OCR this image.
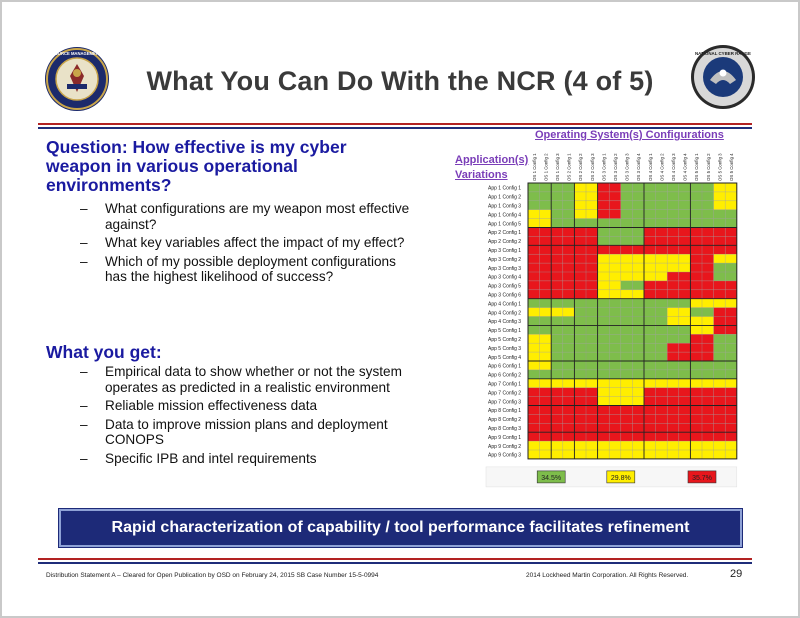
TEST RESOURCE MANAGEMENT CENTER
What You Can Do With the NCR (4 of 5)
NATIONAL CYBER RANGE
Question: How effective is my cyber weapon in various operational environments?
– What configurations are my weapon most effective against?
– What key variables affect the impact of my effect?
– Which of my possible deployment configurations has the highest likelihood of success?
What you get:
– Empirical data to show whether or not the system operates as predicted in a realistic environment
– Reliable mission effectiveness data
– Data to improve mission plans and deployment CONOPS
– Specific IPB and intel requirements
Operating System(s) Configurations
Application(s) Variations	OS 1 Config 1 OS 1 Config 2 OS 1 Config 3 OS 2 Config 1 OS 2 Config 2 OS 2 Config 3 OS 3 Config 1 OS 3 Config 2 OS 3 Config 3 OS 3 Config 4 OS 4 Config 1 OS 4 Config 2 OS 4 Config 3 OS 4 Config 4 OS 5 Config 1 OS 5 Config 2 OS 5 Config 3 OS 5 Config 4
App 1 Config 1
App 1 Config 2
App 1 Config 3
App 1 Config 4
App 1 Config 5
App 2 Config 1
App 2 Config 2
App 3 Config 1
App 3 Config 2
App 3 Config 3
App 3 Config 4
App 3 Config 5
App 3 Config 6
App 4 Config 1
App 4 Config 2
App 4 Config 3
App 5 Config 1
App 5 Config 2
App 5 Config 3
App 5 Config 4
App 6 Config 1
App 6 Config 2
App 7 Config 1
App 7 Config 2
App 7 Config 3
App 8 Config 1
App 8 Config 2
App 8 Config 3
App 9 Config 1
App 9 Config 2
App 9 Config 3
34.5%	29.8%	35.7%
Rapid characterization of capability / tool performance facilitates refinement
Distribution Statement A – Cleared for Open Publication by OSD on February 24, 2015 SB Case Number 15-5-0994	2014 Lockheed Martin Corporation. All Rights Reserved.	29
